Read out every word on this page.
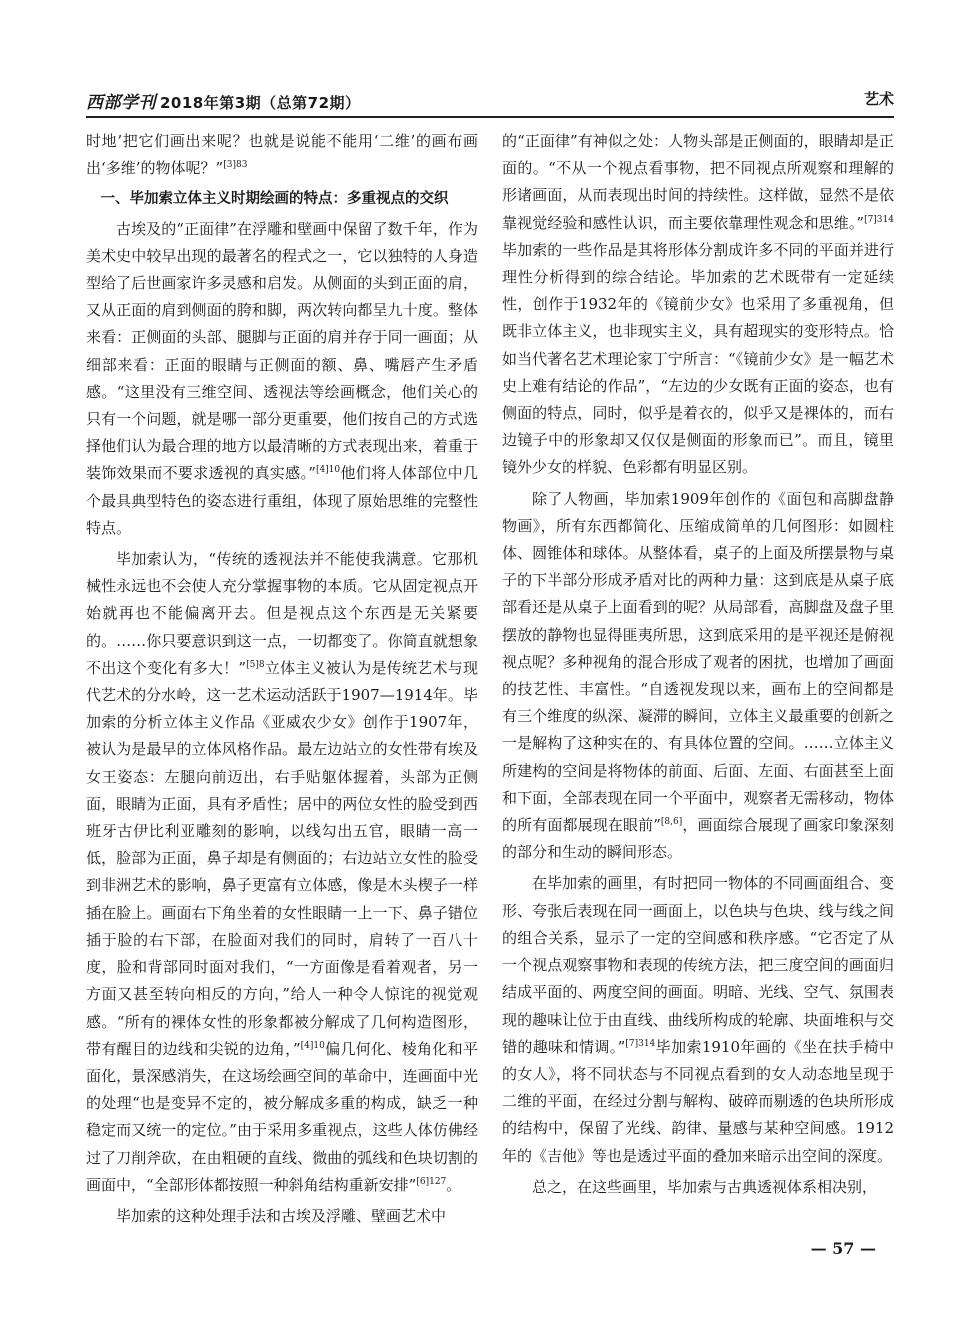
西部学刊 2018年第3期（总第72期）	艺术

时地’把它们画出来呢？也就是说能不能用‘二维’的画布画出‘多维’的物体呢？”$^{[3]83}$

一、毕加索立体主义时期绘画的特点：多重视点的交织

古埃及的“正面律”在浮雕和壁画中保留了数千年，作为美术史中较早出现的最著名的程式之一，它以独特的人身造型给了后世画家许多灵感和启发。从侧面的头到正面的肩，又从正面的肩到侧面的胯和脚，两次转向都呈九十度。整体来看：正侧面的头部、腿脚与正面的肩并存于同一画面；从细部来看：正面的眼睛与正侧面的额、鼻、嘴唇产生矛盾感。“这里没有三维空间、透视法等绘画概念，他们关心的只有一个问题，就是哪一部分更重要，他们按自己的方式选择他们认为最合理的地方以最清晰的方式表现出来，着重于装饰效果而不要求透视的真实感。”$^{[4]10}$他们将人体部位中几个最具典型特色的姿态进行重组，体现了原始思维的完整性特点。

毕加索认为，“传统的透视法并不能使我满意。它那机械性永远也不会使人充分掌握事物的本质。它从固定视点开始就再也不能偏离开去。但是视点这个东西是无关紧要的。……你只要意识到这一点，一切都变了。你简直就想象不出这个变化有多大！”$^{[5]8}$立体主义被认为是传统艺术与现代艺术的分水岭，这一艺术运动活跃于1907—1914年。毕加索的分析立体主义作品《亚威农少女》创作于1907年，被认为是最早的立体风格作品。最左边站立的女性带有埃及女王姿态：左腿向前迈出，右手贴躯体握着，头部为正侧面，眼睛为正面，具有矛盾性；居中的两位女性的脸受到西班牙古伊比利亚雕刻的影响，以线勾出五官，眼睛一高一低，脸部为正面，鼻子却是有侧面的；右边站立女性的脸受到非洲艺术的影响，鼻子更富有立体感，像是木头楔子一样插在脸上。画面右下角坐着的女性眼睛一上一下、鼻子错位插于脸的右下部，在脸面对我们的同时，肩转了一百八十度，脸和背部同时面对我们，“一方面像是看着观者，另一方面又甚至转向相反的方向，”给人一种令人惊诧的视觉观感。“所有的裸体女性的形象都被分解成了几何构造图形，带有醒目的边线和尖锐的边角，”$^{[4]10}$偏几何化、棱角化和平面化，景深感消失，在这场绘画空间的革命中，连画面中光的处理“也是变异不定的，被分解成多重的构成，缺乏一种稳定而又统一的定位。”由于采用多重视点，这些人体仿佛经过了刀削斧砍，在由粗硬的直线、微曲的弧线和色块切割的画面中，“全部形体都按照一种斜角结构重新安排”$^{[6]127}$。

毕加索的这种处理手法和古埃及浮雕、壁画艺术中

的“正面律”有神似之处：人物头部是正侧面的，眼睛却是正面的。“不从一个视点看事物，把不同视点所观察和理解的形诸画面，从而表现出时间的持续性。这样做，显然不是依靠视觉经验和感性认识，而主要依靠理性观念和思维。”$^{[7]314}$毕加索的一些作品是其将形体分割成许多不同的平面并进行理性分析得到的综合结论。毕加索的艺术既带有一定延续性，创作于1932年的《镜前少女》也采用了多重视角，但既非立体主义，也非现实主义，具有超现实的变形特点。恰如当代著名艺术理论家丁宁所言：“《镜前少女》是一幅艺术史上难有结论的作品”，“左边的少女既有正面的姿态，也有侧面的特点，同时，似乎是着衣的，似乎又是裸体的，而右边镜子中的形象却又仅仅是侧面的形象而已”。而且，镜里镜外少女的样貌、色彩都有明显区别。

除了人物画，毕加索1909年创作的《面包和高脚盘静物画》，所有东西都简化、压缩成简单的几何图形：如圆柱体、圆锥体和球体。从整体看，桌子的上面及所摆景物与桌子的下半部分形成矛盾对比的两种力量：这到底是从桌子底部看还是从桌子上面看到的呢？从局部看，高脚盘及盘子里摆放的静物也显得匪夷所思，这到底采用的是平视还是俯视视点呢？多种视角的混合形成了观者的困扰，也增加了画面的技艺性、丰富性。“自透视发现以来，画布上的空间都是有三个维度的纵深、凝滞的瞬间，立体主义最重要的创新之一是解构了这种实在的、有具体位置的空间。……立体主义所建构的空间是将物体的前面、后面、左面、右面甚至上面和下面，全部表现在同一个平面中，观察者无需移动，物体的所有面都展现在眼前”[8,6]，画面综合展现了画家印象深刻的部分和生动的瞬间形态。

在毕加索的画里，有时把同一物体的不同画面组合、变形、夸张后表现在同一画面上，以色块与色块、线与线之间的组合关系，显示了一定的空间感和秩序感。“它否定了从一个视点观察事物和表现的传统方法，把三度空间的画面归结成平面的、两度空间的画面。明暗、光线、空气、氛围表现的趣味让位于由直线、曲线所构成的轮廓、块面堆积与交错的趣味和情调。”$^{[7]314}$毕加索1910年画的《坐在扶手椅中的女人》，将不同状态与不同视点看到的女人动态地呈现于二维的平面，在经过分割与解构、破碎而剔透的色块所形成的结构中，保留了光线、韵律、量感与某种空间感。1912年的《吉他》等也是透过平面的叠加来暗示出空间的深度。

总之，在这些画里，毕加索与古典透视体系相决别，

— 57 —
